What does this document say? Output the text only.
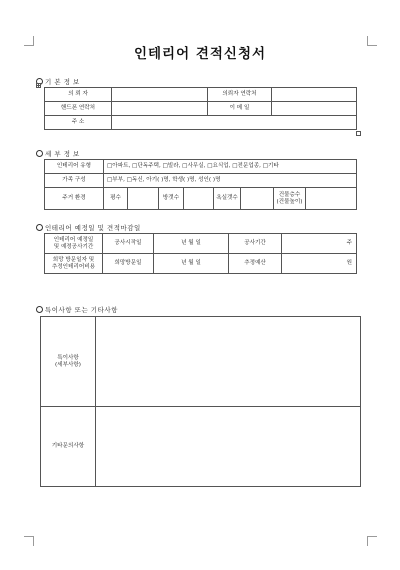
인테리어 견적신청서
기 본 정 보
의 뢰 자		의뢰자 연락처	
핸드폰 연락처		이 메 일	
주 소			
세 부 정 보
인테리어 유형	□아파트, □단독주택, □빌라, □사무실, □요식업, □전문업종, □기타							
가족 구성	□부부, □독신, 아기( )명, 학생( )명, 성인( )명							
주거 환경	평수		방갯수		욕실갯수		건물층수
(건물높이)	

인테리어 예정일 및 견적마감일
인테리어 예정일
및 예정공사기간	공사시작일	년 월 일	공사기간	주

희망 방문일자 및
추정인테리어비용	희망방문일	년 월 일	추정예산	원
특이사항 또는 기타사항
특이사항
(세부사항)	

기타문의사항	
